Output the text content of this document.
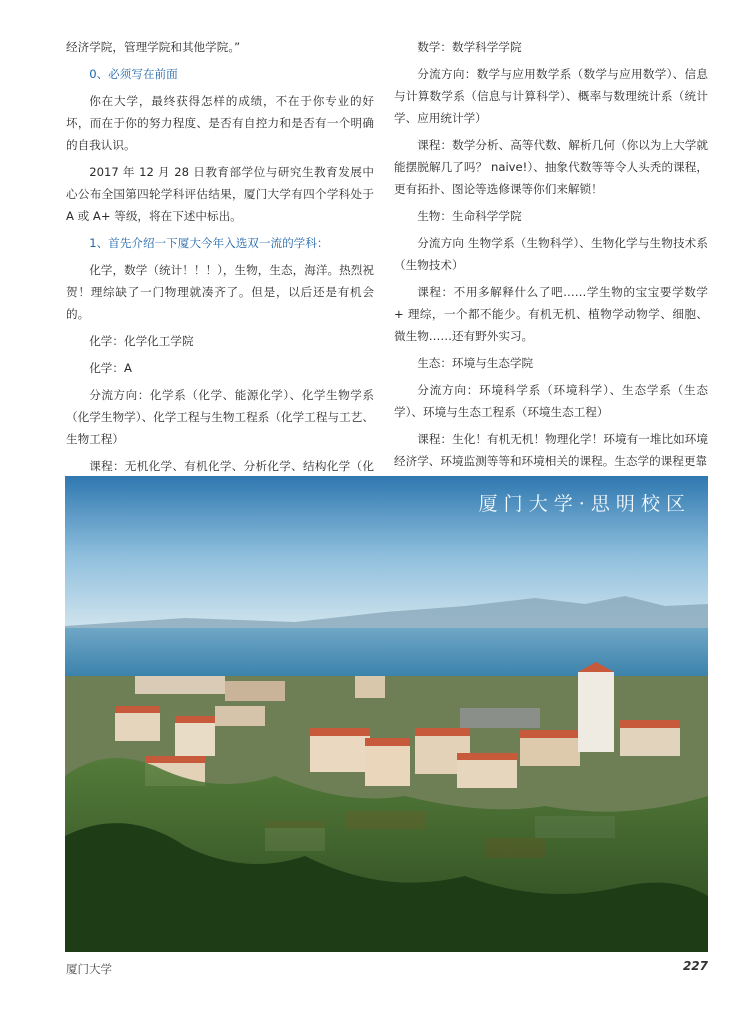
经济学院，管理学院和其他学院。”

0、必须写在前面

你在大学，最终获得怎样的成绩，不在于你专业的好坏，而在于你的努力程度、是否有自控力和是否有一个明确的自我认识。

2017 年 12 月 28 日教育部学位与研究生教育发展中心公布全国第四轮学科评估结果，厦门大学有四个学科处于 A 或 A+ 等级，将在下述中标出。

1、首先介绍一下厦大今年入选双一流的学科：

化学，数学（统计！！！），生物，生态，海洋。热烈祝贺！理综缺了一门物理就凑齐了。但是，以后还是有机会的。

化学：化学化工学院

化学：A

分流方向：化学系（化学、能源化学）、化学生物学系（化学生物学）、化学工程与生物工程系（化学工程与工艺、生物工程）

课程：无机化学、有机化学、分析化学、结构化学（化

数学：数学科学学院

分流方向：数学与应用数学系（数学与应用数学）、信息与计算数学系（信息与计算科学）、概率与数理统计系（统计学、应用统计学）

课程：数学分析、高等代数、解析几何（你以为上大学就能摆脱解几了吗？ naive!）、抽象代数等等令人头秃的课程，更有拓扑、图论等选修课等你们来解锁！

生物：生命科学学院

分流方向 生物学系（生物科学）、生物化学与生物技术系（生物技术）

课程：不用多解释什么了吧……学生物的宝宝要学数学 + 理综，一个都不能少。有机无机、植物学动物学、细胞、微生物……还有野外实习。

生态：环境与生态学院

分流方向：环境科学系（环境科学）、生态学系（生态学）、环境与生态工程系（环境生态工程）

课程：生化！有机无机！物理化学！环境有一堆比如环境经济学、环境监测等等和环境相关的课程。生态学的课程更靠

厦 门 大 学 · 思 明 校 区
厦门大学	227
